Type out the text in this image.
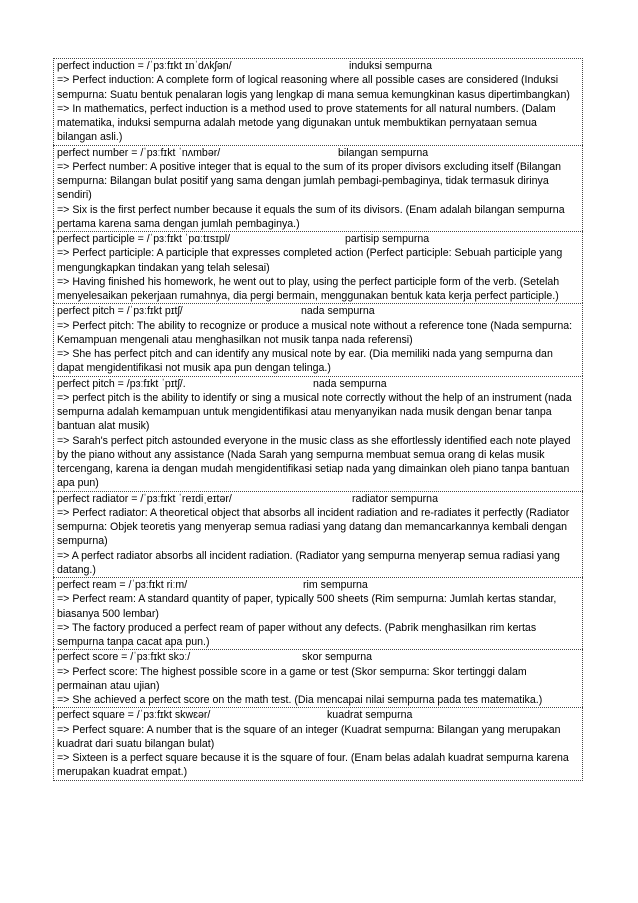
perfect induction = /ˈpɜːfɪkt ɪnˈdʌkʃən/	induksi sempurna

=> Perfect induction: A complete form of logical reasoning where all possible cases are considered (Induksi sempurna: Suatu bentuk penalaran logis yang lengkap di mana semua kemungkinan kasus dipertimbangkan)

=> In mathematics, perfect induction is a method used to prove statements for all natural numbers. (Dalam matematika, induksi sempurna adalah metode yang digunakan untuk membuktikan pernyataan semua bilangan asli.)

perfect number = /ˈpɜːfɪkt ˈnʌmbər/	bilangan sempurna

=> Perfect number: A positive integer that is equal to the sum of its proper divisors excluding itself (Bilangan sempurna: Bilangan bulat positif yang sama dengan jumlah pembagi-pembaginya, tidak termasuk dirinya sendiri)

=> Six is the first perfect number because it equals the sum of its divisors. (Enam adalah bilangan sempurna pertama karena sama dengan jumlah pembaginya.)

perfect participle = /ˈpɜːfɪkt ˈpɑːtɪsɪpl/	partisip sempurna

=> Perfect participle: A participle that expresses completed action (Perfect participle: Sebuah participle yang mengungkapkan tindakan yang telah selesai)

=> Having finished his homework, he went out to play, using the perfect participle form of the verb. (Setelah menyelesaikan pekerjaan rumahnya, dia pergi bermain, menggunakan bentuk kata kerja perfect participle.)

perfect pitch = /ˈpɜːfɪkt pɪtʃ/	nada sempurna

=> Perfect pitch: The ability to recognize or produce a musical note without a reference tone (Nada sempurna: Kemampuan mengenali atau menghasilkan not musik tanpa nada referensi)

=> She has perfect pitch and can identify any musical note by ear. (Dia memiliki nada yang sempurna dan dapat mengidentifikasi not musik apa pun dengan telinga.)

perfect pitch = /pɜːfɪkt ˈpɪtʃ/.	nada sempurna

=> perfect pitch is the ability to identify or sing a musical note correctly without the help of an instrument (nada sempurna adalah kemampuan untuk mengidentifikasi atau menyanyikan nada musik dengan benar tanpa bantuan alat musik)

=> Sarah's perfect pitch astounded everyone in the music class as she effortlessly identified each note played by the piano without any assistance (Nada Sarah yang sempurna membuat semua orang di kelas musik tercengang, karena ia dengan mudah mengidentifikasi setiap nada yang dimainkan oleh piano tanpa bantuan apa pun)

perfect radiator = /ˈpɜːfɪkt ˈreɪdiˌeɪtər/	radiator sempurna

=> Perfect radiator: A theoretical object that absorbs all incident radiation and re-radiates it perfectly (Radiator sempurna: Objek teoretis yang menyerap semua radiasi yang datang dan memancarkannya kembali dengan sempurna)

=> A perfect radiator absorbs all incident radiation. (Radiator yang sempurna menyerap semua radiasi yang datang.)

perfect ream = /ˈpɜːfɪkt riːm/	rim sempurna

=> Perfect ream: A standard quantity of paper, typically 500 sheets (Rim sempurna: Jumlah kertas standar, biasanya 500 lembar)

=> The factory produced a perfect ream of paper without any defects. (Pabrik menghasilkan rim kertas sempurna tanpa cacat apa pun.)

perfect score = /ˈpɜːfɪkt skɔː/	skor sempurna

=> Perfect score: The highest possible score in a game or test (Skor sempurna: Skor tertinggi dalam permainan atau ujian)

=> She achieved a perfect score on the math test. (Dia mencapai nilai sempurna pada tes matematika.)

perfect square = /ˈpɜːfɪkt skwɛər/	kuadrat sempurna

=> Perfect square: A number that is the square of an integer (Kuadrat sempurna: Bilangan yang merupakan kuadrat dari suatu bilangan bulat)

=> Sixteen is a perfect square because it is the square of four. (Enam belas adalah kuadrat sempurna karena merupakan kuadrat empat.)
